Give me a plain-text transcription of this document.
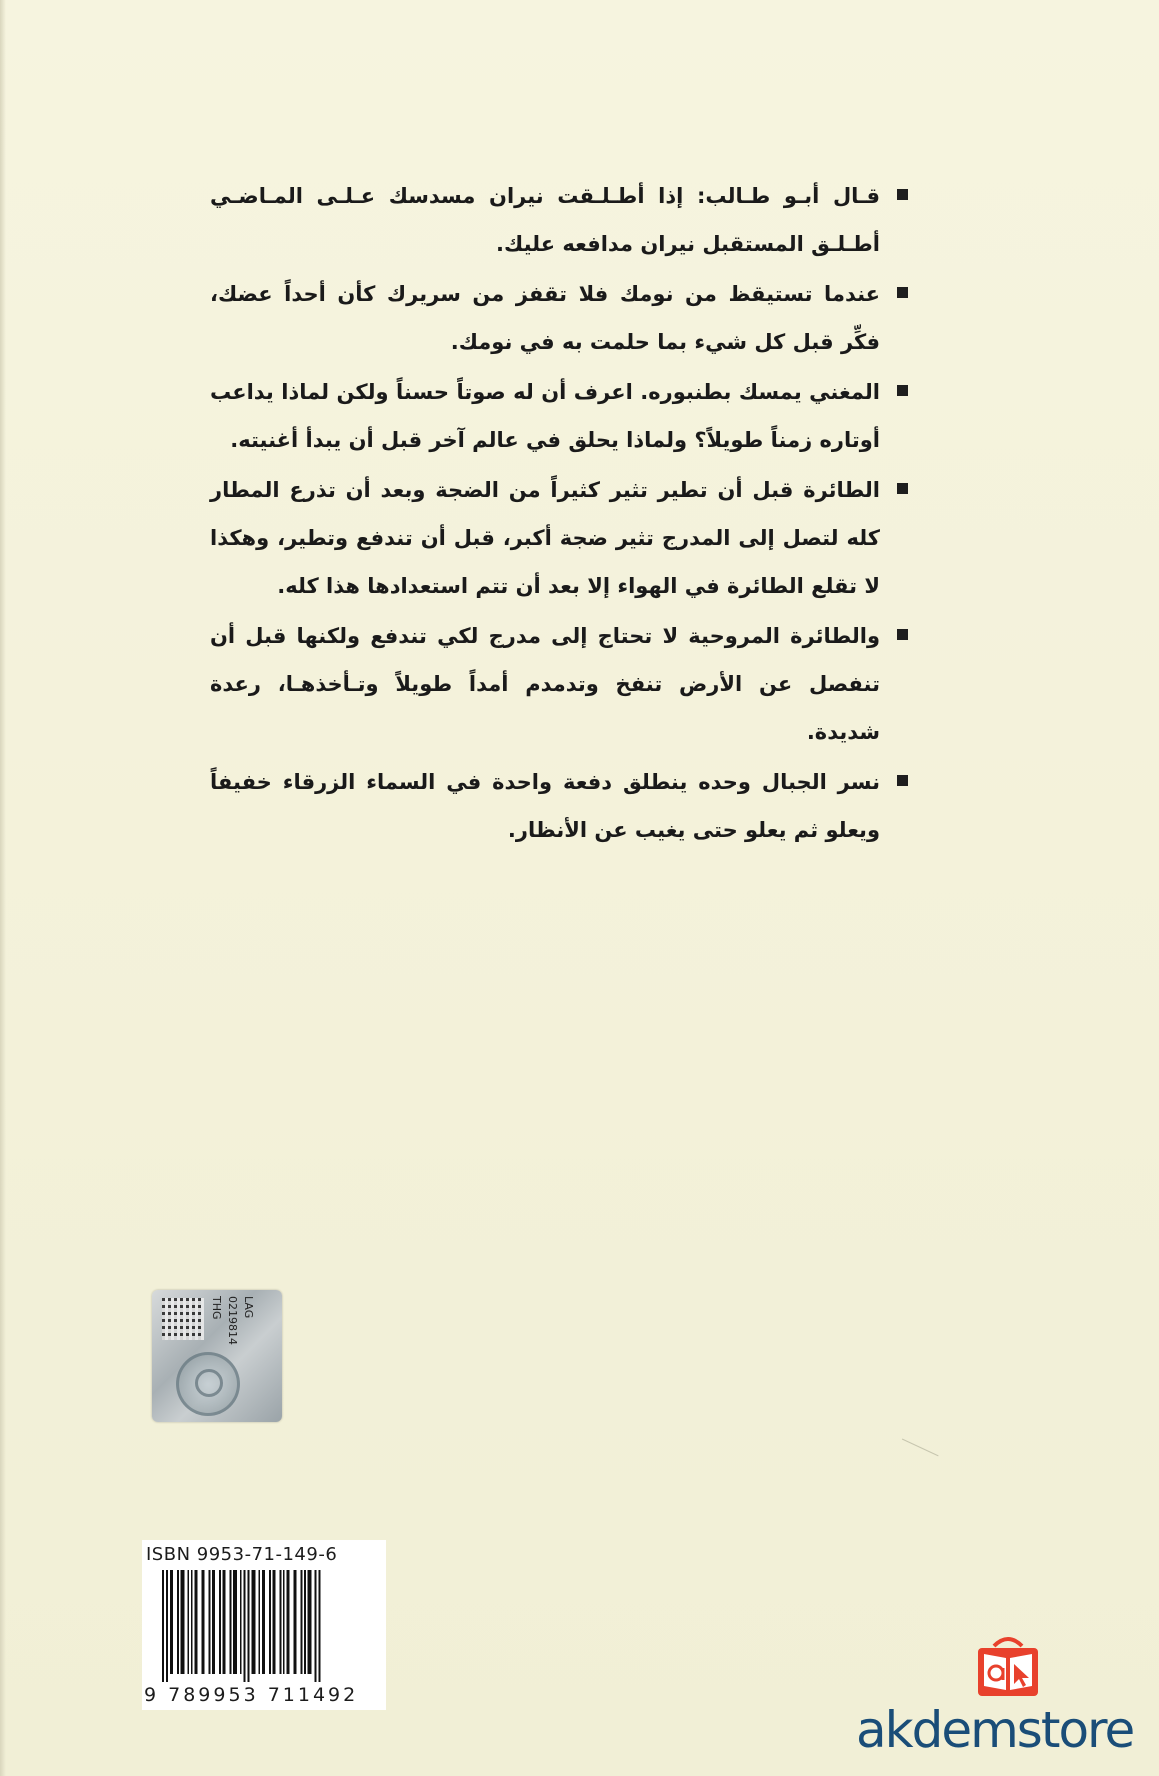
قـال أبـو طـالب: إذا أطـلـقت نيران مسدسك عـلـى المـاضـي أطـلـق المستقبل نيران مدافعه عليك.

عندما تستيقظ من نومك فلا تقفز من سريرك كأن أحداً عضك، فكِّر قبل كل شيء بما حلمت به في نومك.

المغني يمسك بطنبوره. اعرف أن له صوتاً حسناً ولكن لماذا يداعب أوتاره زمناً طويلاً؟ ولماذا يحلق في عالم آخر قبل أن يبدأ أغنيته.

الطائرة قبل أن تطير تثير كثيراً من الضجة وبعد أن تذرع المطار كله لتصل إلى المدرج تثير ضجة أكبر، قبل أن تندفع وتطير، وهكذا لا تقلع الطائرة في الهواء إلا بعد أن تتم استعدادها هذا كله.

والطائرة المروحية لا تحتاج إلى مدرج لكي تندفع ولكنها قبل أن تنفصل عن الأرض تنفخ وتدمدم أمداً طويلاً وتـأخذهـا، رعدة شديدة.

نسر الجبال وحده ينطلق دفعة واحدة في السماء الزرقاء خفيفاً ويعلو ثم يعلو حتى يغيب عن الأنظار.

THG 0219814 LAG
ISBN 9953-71-149-6
9 789953 711492
akdemstore
